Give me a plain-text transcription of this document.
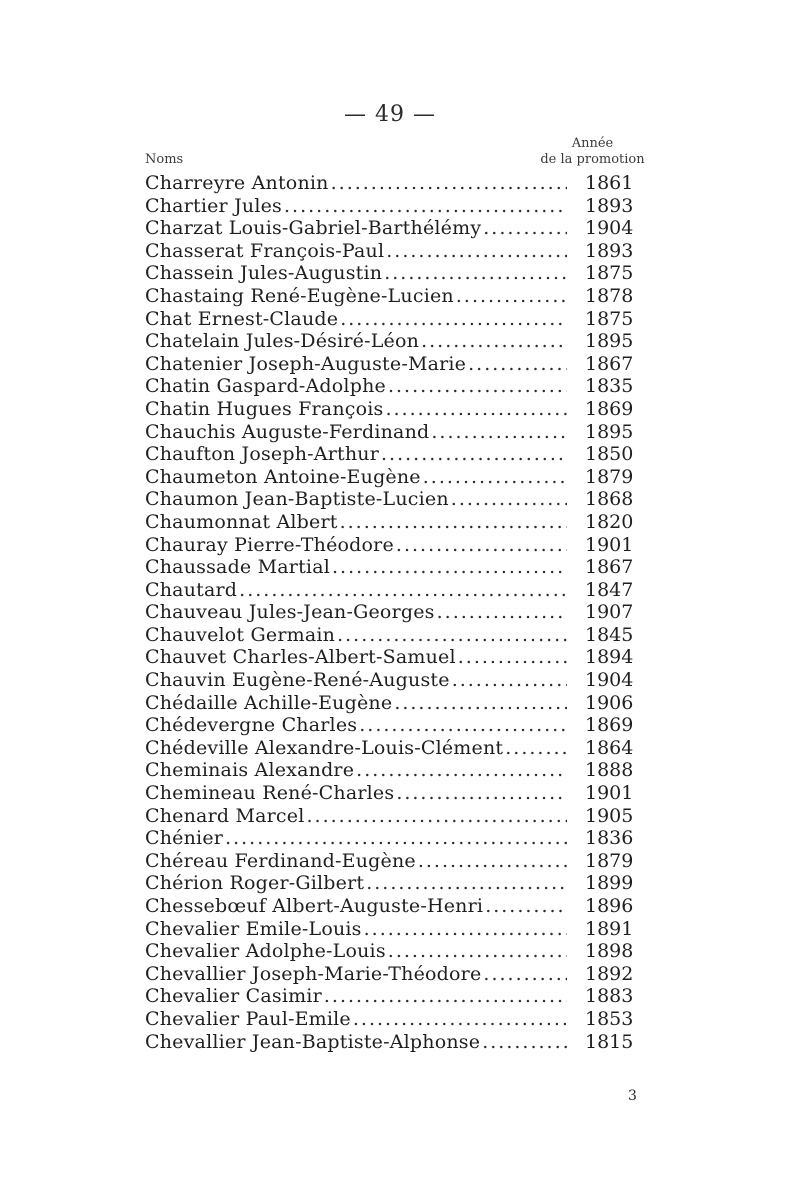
— 49 —
Noms
Année
de la promotion
Charreyre Antonin .....	1861
Chartier Jules .....	1893
Charzat Louis-Gabriel-Barthélémy .....	1904
Chasserat François-Paul .....	1893
Chassein Jules-Augustin .....	1875
Chastaing René-Eugène-Lucien .....	1878
Chat Ernest-Claude .....	1875
Chatelain Jules-Désiré-Léon .....	1895
Chatenier Joseph-Auguste-Marie .....	1867
Chatin Gaspard-Adolphe .....	1835
Chatin Hugues François .....	1869
Chauchis Auguste-Ferdinand .....	1895
Chaufton Joseph-Arthur .....	1850
Chaumeton Antoine-Eugène .....	1879
Chaumon Jean-Baptiste-Lucien .....	1868
Chaumonnat Albert .....	1820
Chauray Pierre-Théodore .....	1901
Chaussade Martial .....	1867
Chautard .....	1847
Chauveau Jules-Jean-Georges .....	1907
Chauvelot Germain .....	1845
Chauvet Charles-Albert-Samuel .....	1894
Chauvin Eugène-René-Auguste .....	1904
Chédaille Achille-Eugène .....	1906
Chédevergne Charles .....	1869
Chédeville Alexandre-Louis-Clément .....	1864
Cheminais Alexandre .....	1888
Chemineau René-Charles .....	1901
Chenard Marcel .....	1905
Chénier .....	1836
Chéreau Ferdinand-Eugène .....	1879
Chérion Roger-Gilbert .....	1899
Chessebœuf Albert-Auguste-Henri .....	1896
Chevalier Emile-Louis .....	1891
Chevalier Adolphe-Louis .....	1898
Chevallier Joseph-Marie-Théodore .....	1892
Chevalier Casimir .....	1883
Chevalier Paul-Emile .....	1853
Chevallier Jean-Baptiste-Alphonse .....	1815
3
